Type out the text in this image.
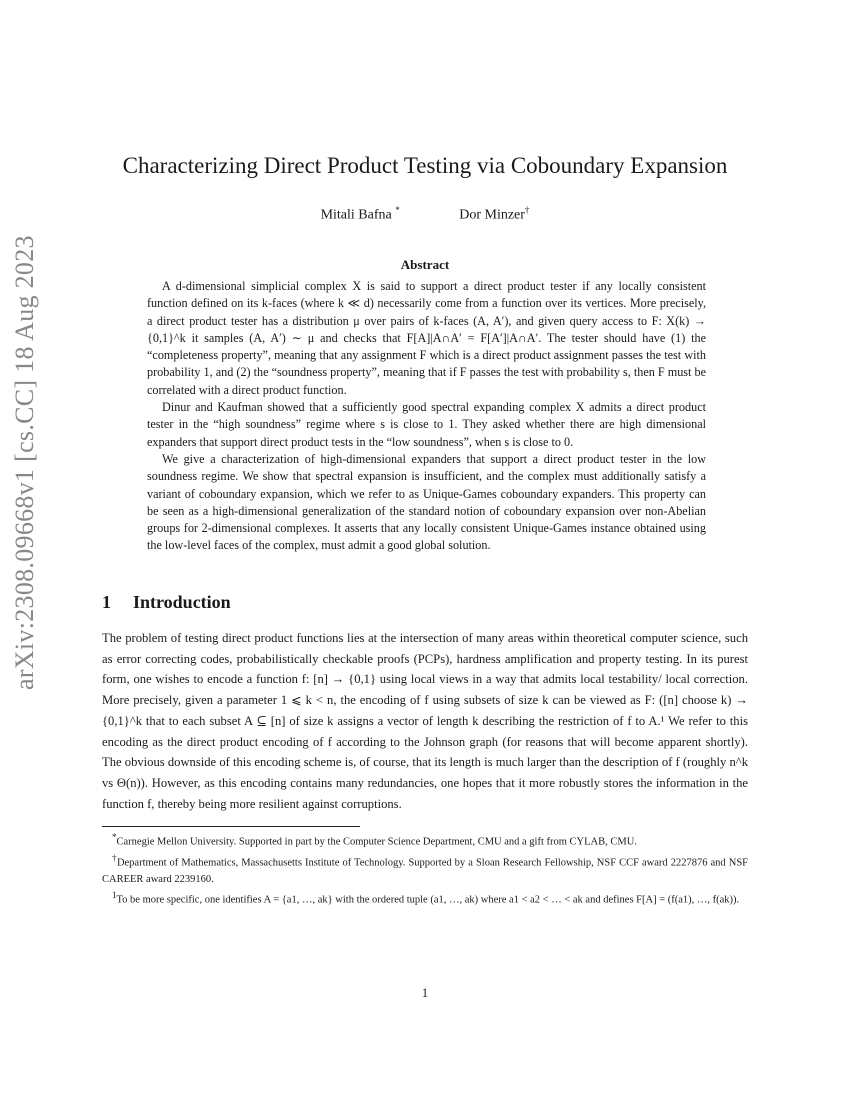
arXiv:2308.09668v1 [cs.CC] 18 Aug 2023
Characterizing Direct Product Testing via Coboundary Expansion
Mitali Bafna *	Dor Minzer†
Abstract

A d-dimensional simplicial complex X is said to support a direct product tester if any locally consistent function defined on its k-faces (where k ≪ d) necessarily come from a function over its vertices. More precisely, a direct product tester has a distribution μ over pairs of k-faces (A, A′), and given query access to F: X(k) → {0,1}^k it samples (A, A′) ∼ μ and checks that F[A]|A∩A′ = F[A′]|A∩A′. The tester should have (1) the “completeness property”, meaning that any assignment F which is a direct product assignment passes the test with probability 1, and (2) the “soundness property”, meaning that if F passes the test with probability s, then F must be correlated with a direct product function.

Dinur and Kaufman showed that a sufficiently good spectral expanding complex X admits a direct product tester in the “high soundness” regime where s is close to 1. They asked whether there are high dimensional expanders that support direct product tests in the “low soundness”, when s is close to 0.

We give a characterization of high-dimensional expanders that support a direct product tester in the low soundness regime. We show that spectral expansion is insufficient, and the complex must additionally satisfy a variant of coboundary expansion, which we refer to as Unique-Games coboundary expanders. This property can be seen as a high-dimensional generalization of the standard notion of coboundary expansion over non-Abelian groups for 2-dimensional complexes. It asserts that any locally consistent Unique-Games instance obtained using the low-level faces of the complex, must admit a good global solution.

1 Introduction

The problem of testing direct product functions lies at the intersection of many areas within theoretical computer science, such as error correcting codes, probabilistically checkable proofs (PCPs), hardness amplification and property testing. In its purest form, one wishes to encode a function f: [n] → {0,1} using local views in a way that admits local testability/ local correction. More precisely, given a parameter 1 ⩽ k < n, the encoding of f using subsets of size k can be viewed as F: ([n] choose k) → {0,1}^k that to each subset A ⊆ [n] of size k assigns a vector of length k describing the restriction of f to A.¹ We refer to this encoding as the direct product encoding of f according to the Johnson graph (for reasons that will become apparent shortly). The obvious downside of this encoding scheme is, of course, that its length is much larger than the description of f (roughly n^k vs Θ(n)). However, as this encoding contains many redundancies, one hopes that it more robustly stores the information in the function f, thereby being more resilient against corruptions.

*Carnegie Mellon University. Supported in part by the Computer Science Department, CMU and a gift from CYLAB, CMU.

†Department of Mathematics, Massachusetts Institute of Technology. Supported by a Sloan Research Fellowship, NSF CCF award 2227876 and NSF CAREER award 2239160.

$^1$To be more specific, one identifies A = {a1, …, ak} with the ordered tuple (a1, …, ak) where a1 < a2 < … < ak and defines F[A] = (f(a1), …, f(ak)).

1
